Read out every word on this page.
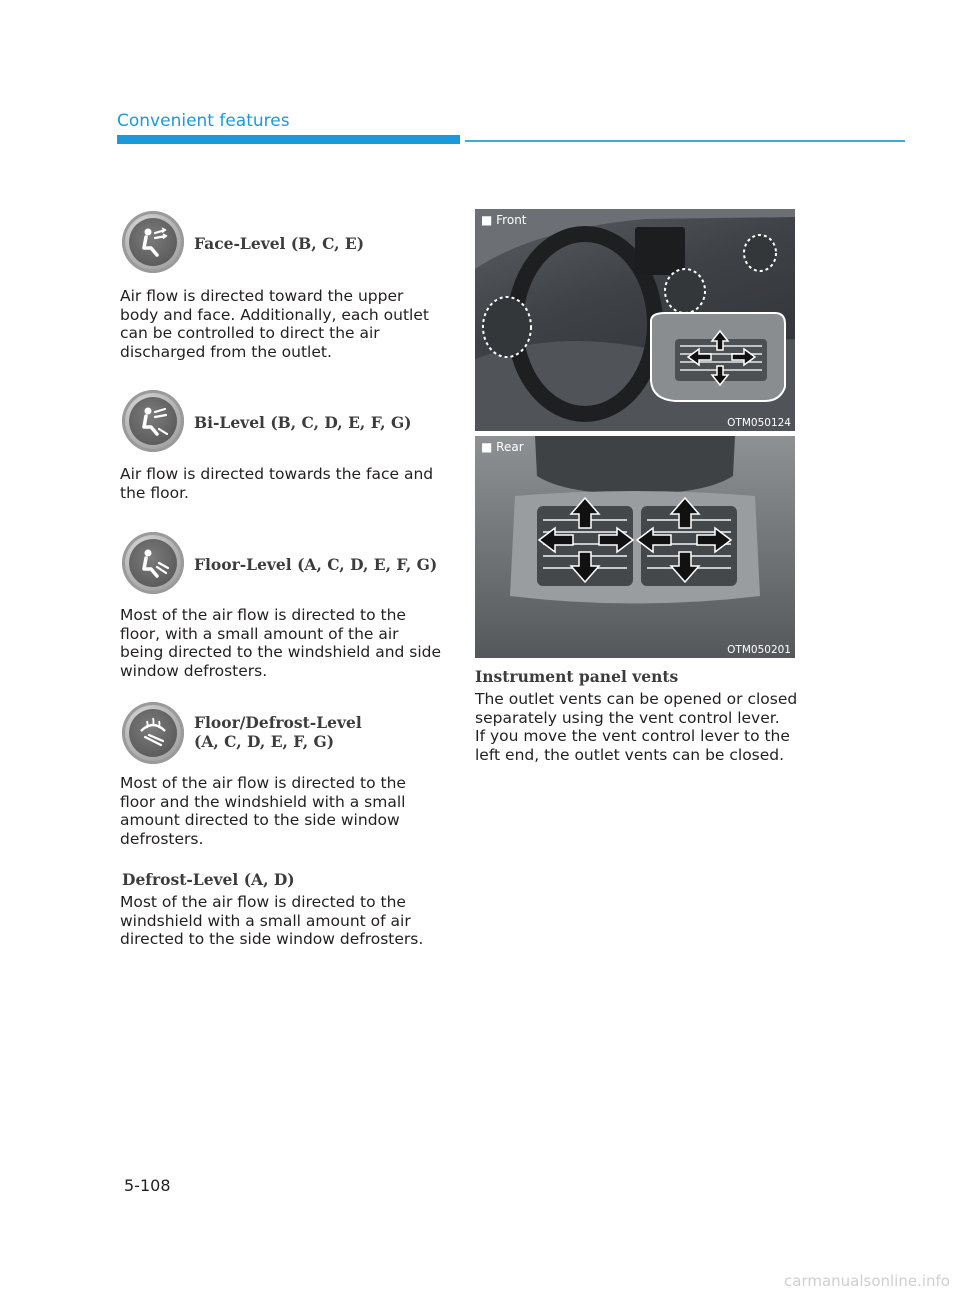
Convenient features
Face-Level (B, C, E)
Air flow is directed toward the upper
body and face. Additionally, each outlet
can be controlled to direct the air
discharged from the outlet.
Bi-Level (B, C, D, E, F, G)
Air flow is directed towards the face and
the floor.
Floor-Level (A, C, D, E, F, G)
Most of the air flow is directed to the
floor, with a small amount of the air
being directed to the windshield and side
window defrosters.
Floor/Defrost-Level
(A, C, D, E, F, G)
Most of the air flow is directed to the
floor and the windshield with a small
amount directed to the side window
defrosters.
Defrost-Level (A, D)
Most of the air flow is directed to the
windshield with a small amount of air
directed to the side window defrosters.
■ Front
OTM050124
■ Rear
OTM050201
Instrument panel vents
The outlet vents can be opened or closed
separately using the vent control lever.
If you move the vent control lever to the
left end, the outlet vents can be closed.
5-108
carmanualsonline.info
